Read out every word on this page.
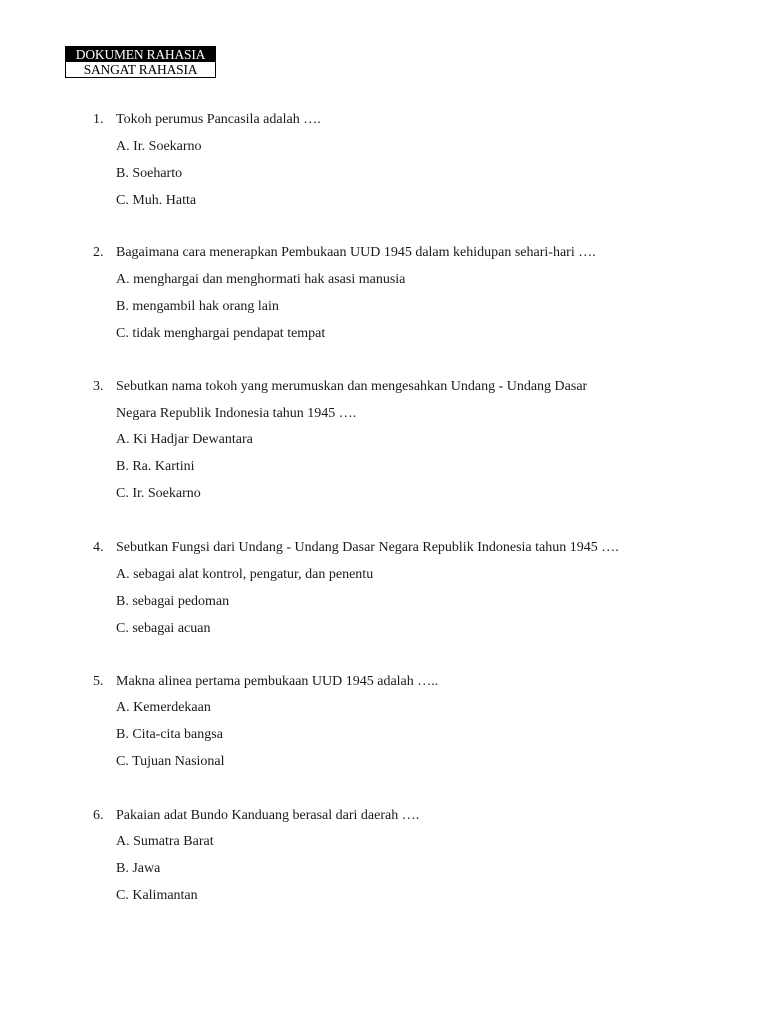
DOKUMEN RAHASIA
SANGAT RAHASIA
1. Tokoh perumus Pancasila adalah ….
A. Ir. Soekarno
B. Soeharto
C. Muh. Hatta
2. Bagaimana cara menerapkan Pembukaan UUD 1945 dalam kehidupan sehari-hari ….
A. menghargai dan menghormati hak asasi manusia
B. mengambil hak orang lain
C. tidak menghargai pendapat tempat
3. Sebutkan nama tokoh yang merumuskan dan mengesahkan Undang - Undang Dasar
Negara Republik Indonesia tahun 1945 ….
A. Ki Hadjar Dewantara
B. Ra. Kartini
C. Ir. Soekarno
4. Sebutkan Fungsi dari Undang - Undang Dasar Negara Republik Indonesia tahun 1945 ….
A. sebagai alat kontrol, pengatur, dan penentu
B. sebagai pedoman
C. sebagai acuan
5. Makna alinea pertama pembukaan UUD 1945 adalah …..
A. Kemerdekaan
B. Cita-cita bangsa
C. Tujuan Nasional
6. Pakaian adat Bundo Kanduang berasal dari daerah ….
A. Sumatra Barat
B. Jawa
C. Kalimantan
